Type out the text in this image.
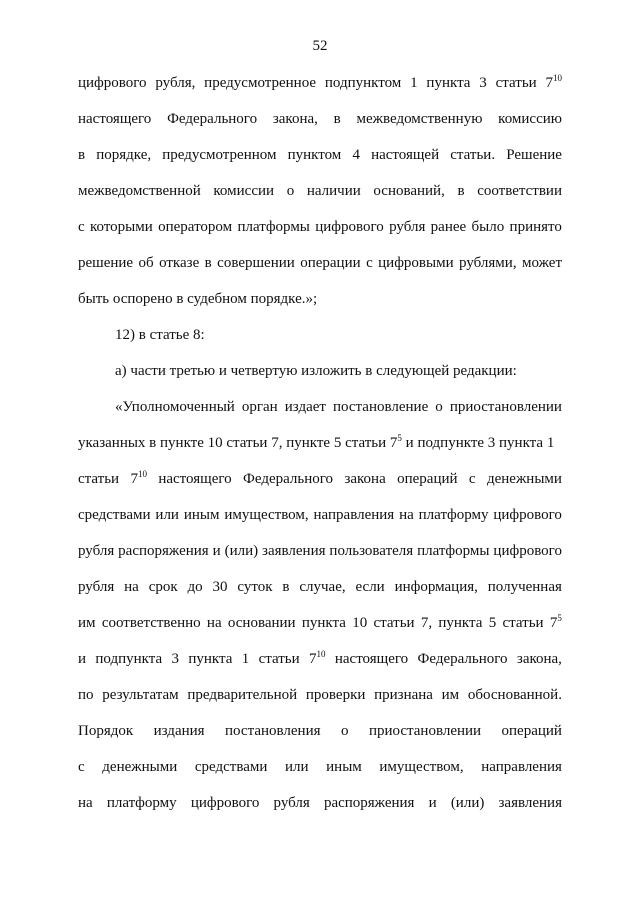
52
цифрового рубля, предусмотренное подпунктом 1 пункта 3 статьи $7^{10}$
настоящего Федерального закона, в межведомственную комиссию
в порядке, предусмотренном пунктом 4 настоящей статьи. Решение
межведомственной комиссии о наличии оснований, в соответствии
с которыми оператором платформы цифрового рубля ранее было принято
решение об отказе в совершении операции с цифровыми рублями, может
быть оспорено в судебном порядке.»;
12) в статье 8:
а) части третью и четвертую изложить в следующей редакции:
«Уполномоченный орган издает постановление о приостановлении
указанных в пункте 10 статьи 7, пункте 5 статьи $7^5$ и подпункте 3 пункта 1
статьи $7^{10}$ настоящего Федерального закона операций с денежными
средствами или иным имуществом, направления на платформу цифрового
рубля распоряжения и (или) заявления пользователя платформы цифрового
рубля на срок до 30 суток в случае, если информация, полученная
им соответственно на основании пункта 10 статьи 7, пункта 5 статьи $7^5$
и подпункта 3 пункта 1 статьи $7^{10}$ настоящего Федерального закона,
по результатам предварительной проверки признана им обоснованной.
Порядок издания постановления о приостановлении операций
с денежными средствами или иным имуществом, направления
на платформу цифрового рубля распоряжения и (или) заявления
